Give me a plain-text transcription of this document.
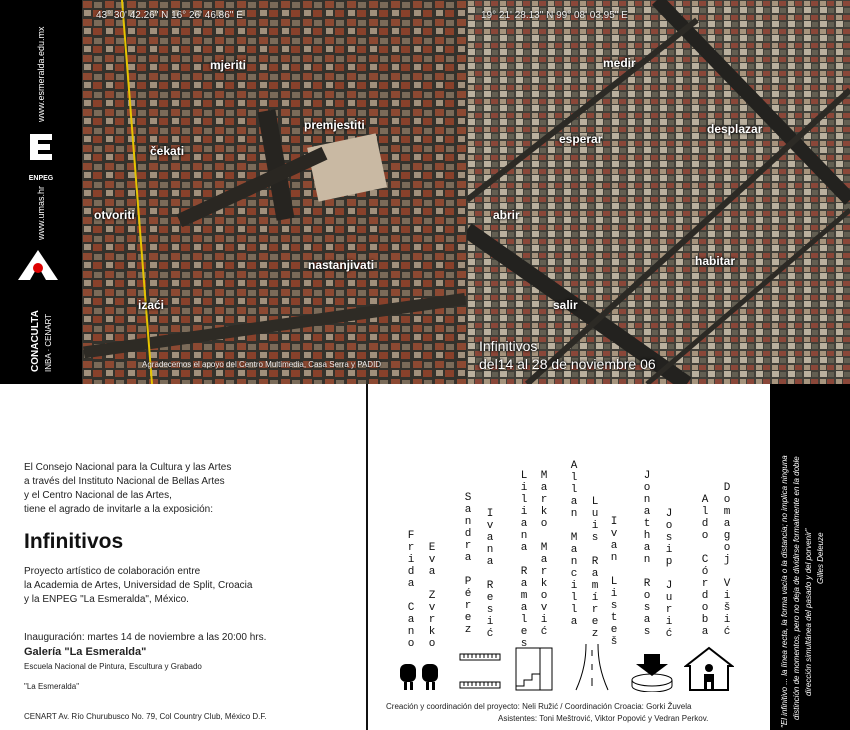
www.esmeralda.edu.mx
ENPEG
www.umas.hr
CONACULTA INBA · CENART
43° 30' 42.26" N 16° 26' 46.86" E
mjeriti
premjestiti
čekati
otvoriti
nastanjivati
izaći
Agradecemos el apoyo del Centro Multimedia, Casa Serra y PADID
19° 21' 28.13" N 99° 08' 03.95" E
medir
esperar
desplazar
abrir
habitar
salir
Infinitivos
del14 al 28 de noviembre 06
El Consejo Nacional para la Cultura y las Artes
a través del Instituto Nacional de Bellas Artes
y el Centro Nacional de las Artes,
tiene el agrado de invitarle a la exposición:
Infinitivos
Proyecto artístico de colaboración entre
la Academia de Artes, Universidad de Split, Croacia
y la ENPEG "La Esmeralda", México.
Inauguración: martes 14 de noviembre a las 20:00 hrs.
Galería "La Esmeralda"
Escuela Nacional de Pintura, Escultura y Grabado
"La Esmeralda"
CENART Av. Río Churubusco No. 79, Col Country Club, México D.F.
Frida Cano Eva Zvrko Sandra Pérez Ivana Resić Liliana Ramales Marko Marković Allan Mancilla Luis Ramírez Ivan Listeš Jonathan Rosas Josip Jurić Aldo Córdoba Domagoj Višić
Creación y coordinación del proyecto: Neli Ružić / Coordinación Croacia: Gorki Žuvela
Asistentes: Toni Meštrović, Viktor Popović y Vedran Perkov.	"El infinitivo ... la línea recta, la forma vacía o la distancia; no implica ninguna distinción de momentos, pero no deja de dividirse formalmente en la doble dirección simultánea del pasado y del porvenir" Gilles Deleuze
